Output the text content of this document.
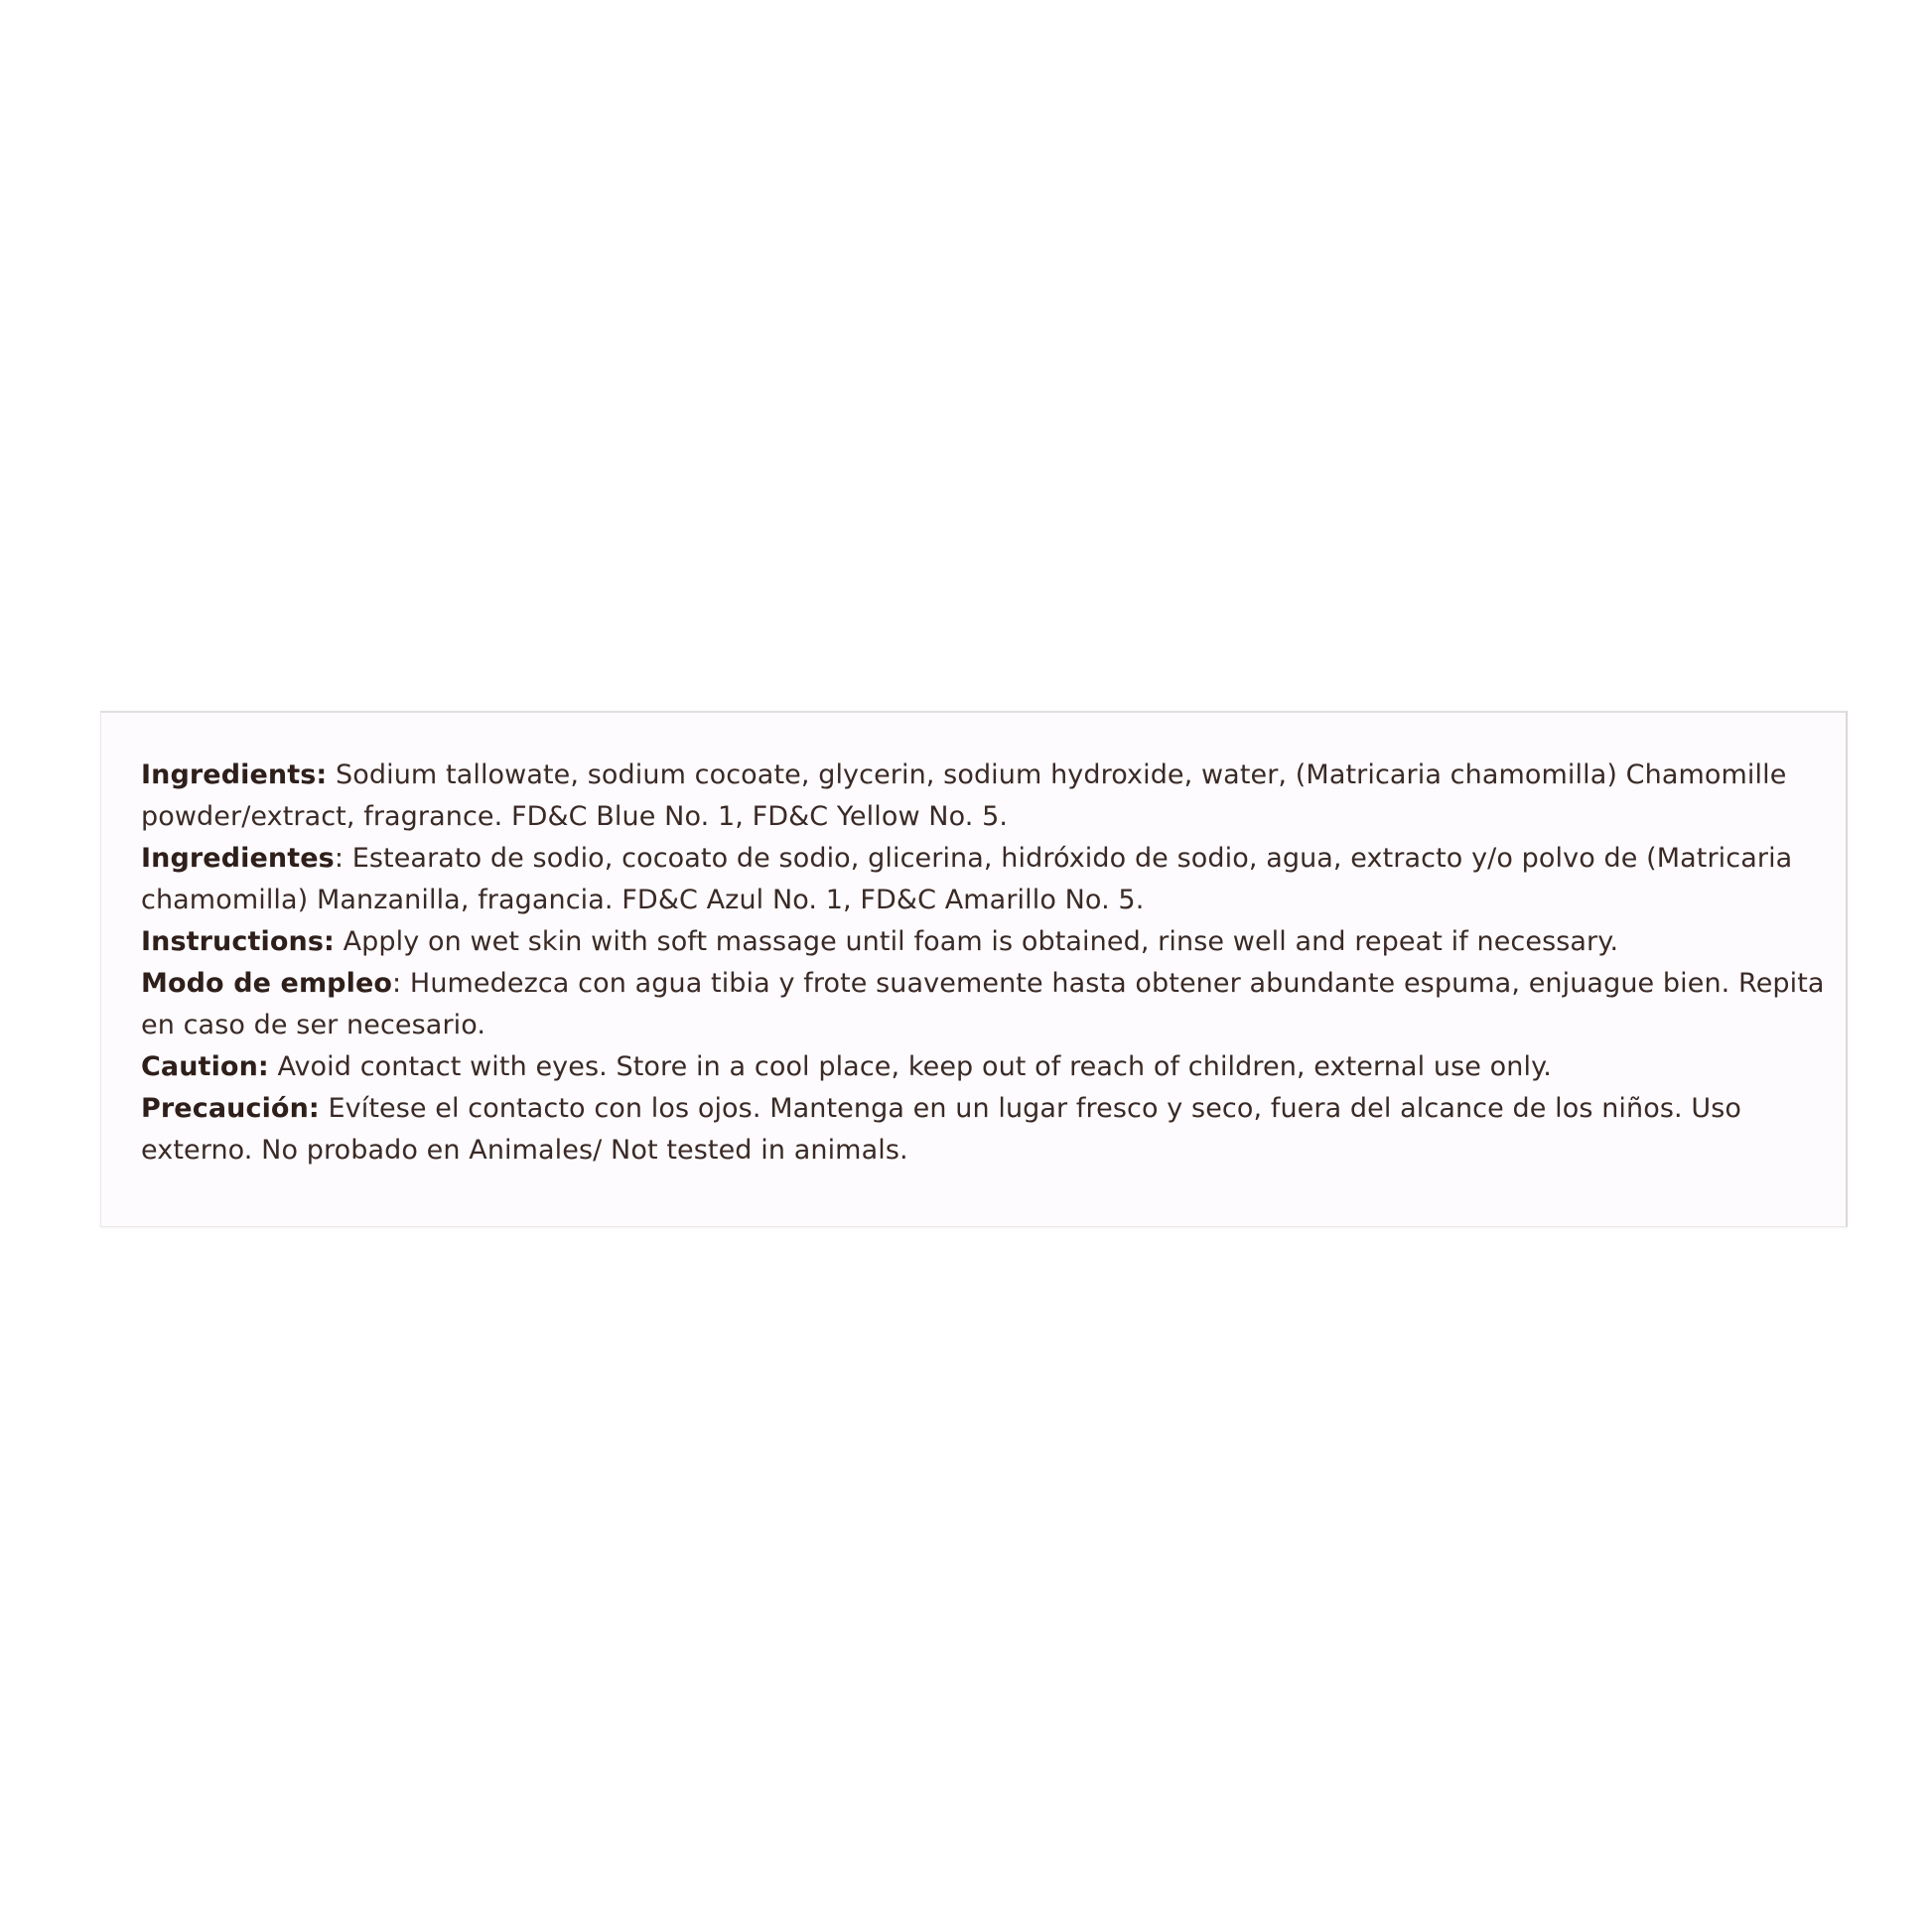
Ingredients: Sodium tallowate, sodium cocoate, glycerin, sodium hydroxide, water, (Matricaria chamomilla) Chamomille powder/extract, fragrance. FD&C Blue No. 1, FD&C Yellow No. 5.

Ingredientes: Estearato de sodio, cocoato de sodio, glicerina, hidróxido de sodio, agua, extracto y/o polvo de (Matricaria chamomilla) Manzanilla, fragancia. FD&C Azul No. 1, FD&C Amarillo No. 5.

Instructions: Apply on wet skin with soft massage until foam is obtained, rinse well and repeat if necessary.

Modo de empleo: Humedezca con agua tibia y frote suavemente hasta obtener abundante espuma, enjuague bien. Repita en caso de ser necesario.

Caution: Avoid contact with eyes. Store in a cool place, keep out of reach of children, external use only.

Precaución: Evítese el contacto con los ojos. Mantenga en un lugar fresco y seco, fuera del alcance de los niños. Uso externo. No probado en Animales/ Not tested in animals.
